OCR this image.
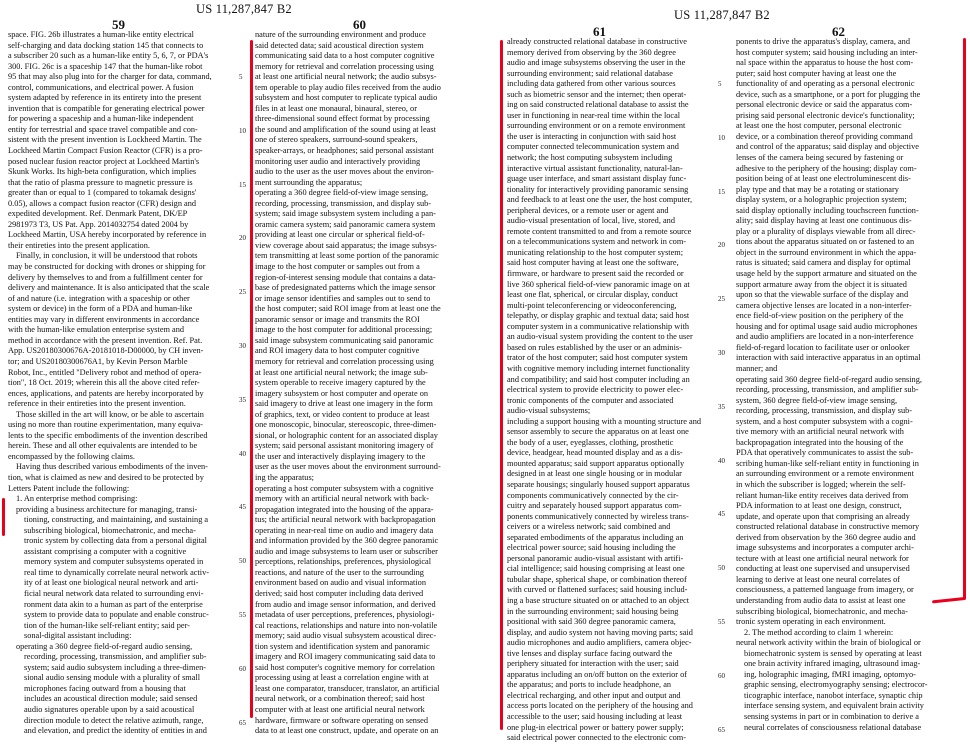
US 11,287,847 B2
59

space. FIG. 26b illustrates a human-like entity electrical

self-charging and data docking station 145 that connects to

a subscriber 20 such as a human-like entity 5, 6, 7, or PDA's

300. FIG. 26c is a spaceship 147 that the human-like robot

95 that may also plug into for the charger for data, command,

control, communications, and electrical power. A fusion

system adapted by reference in its entirety into the present

invention that is compatible for generating electrical power

for powering a spaceship and a human-like independent

entity for terrestrial and space travel compatible and con-

sistent with the present invention is Lockheed Martin. The

Lockheed Martin Compact Fusion Reactor (CFR) is a pro-

posed nuclear fusion reactor project at Lockheed Martin's

Skunk Works. Its high-beta configuration, which implies

that the ratio of plasma pressure to magnetic pressure is

greater than or equal to 1 (compared to tokamak designs'

0.05), allows a compact fusion reactor (CFR) design and

expedited development. Ref. Denmark Patent, DK/EP

2981973 T3, US Pat. App. 2014032754 dated 2004 by

Lockheed Martin, USA hereby incorporated by reference in

their entireties into the present application.

Finally, in conclusion, it will be understood that robots

may be constructed for docking with drones or shipping for

delivery by themselves to and from a fulfillment center for

delivery and maintenance. It is also anticipated that the scale

of and nature (i.e. integration with a spaceship or other

system or device) in the form of a PDA and human-like

entities may vary in different environments in accordance

with the human-like emulation enterprise system and

method in accordance with the present invention. Ref. Pat.

App. US20180300676A-20181018-D00000, by CH inven-

tor; and US20180300676A1, by Kevin Person Marble

Robot, Inc., entitled "Delivery robot and method of opera-

tion", 18 Oct. 2019; wherein this all the above cited refer-

ences, applications, and patents are hereby incorporated by

reference in their entireties into the present invention.

Those skilled in the art will know, or be able to ascertain

using no more than routine experimentation, many equiva-

lents to the specific embodiments of the invention described

herein. These and all other equivalents are intended to be

encompassed by the following claims.

Having thus described various embodiments of the inven-

tion, what is claimed as new and desired to be protected by

Letters Patent include the following:

1. An enterprise method comprising:

providing a business architecture for managing, transi-

tioning, constructing, and maintaining, and sustaining a

subscribing biological, biomechatronic, and mecha-

tronic system by collecting data from a personal digital

assistant comprising a computer with a cognitive

memory system and computer subsystems operated in

real time to dynamically correlate neural network activ-

ity of at least one biological neural network and arti-

ficial neural network data related to surrounding envi-

ronment data akin to a human as part of the enterprise

system to provide data to populate and enable construc-

tion of the human-like self-reliant entity; said per-

sonal-digital assistant including:

operating a 360 degree field-of-regard audio sensing,

recording, processing, transmission, and amplifier sub-

system; said audio subsystem including a three-dimen-

sional audio sensing module with a plurality of small

microphones facing outward from a housing that

includes an acoustical direction module; said sensed

audio signatures operable upon by a said acoustical

direction module to detect the relative azimuth, range,

and elevation, and predict the identity of entities in and

60

nature of the surrounding environment and produce

said detected data; said acoustical direction system

communicating said data to a host computer cognitive

memory for retrieval and correlation processing using

at least one artificial neural network; the audio subsys-

tem operable to play audio files received from the audio

subsystem and host computer to replicate typical audio

files in at least one monaural, binaural, stereo, or

three-dimensional sound effect format by processing

the sound and amplification of the sound using at least

one of stereo speakers, surround-sound speakers,

speaker-arrays, or headphones; said personal assistant

monitoring user audio and interactively providing

audio to the user as the user moves about the environ-

ment surrounding the apparatus;

operating a 360 degree field-of-view image sensing,

recording, processing, transmission, and display sub-

system; said image subsystem system including a pan-

oramic camera system; said panoramic camera system

providing at least one circular or spherical field-of-

view coverage about said apparatus; the image subsys-

tem transmitting at least some portion of the panoramic

image to the host computer or samples out from a

region-of-interest sensing module that contains a data-

base of predesignated patterns which the image sensor

or image sensor identifies and samples out to send to

the host computer; said ROI image from at least one the

panoramic sensor or image and transmits the ROI

image to the host computer for additional processing;

said image subsystem communicating said panoramic

and ROI imagery data to host computer cognitive

memory for retrieval and correlation processing using

at least one artificial neural network; the image sub-

system operable to receive imagery captured by the

imagery subsystem or host computer and operate on

said imagery to drive at least one imagery in the form

of graphics, text, or video content to produce at least

one monoscopic, binocular, stereoscopic, three-dimen-

sional, or holographic content for an associated display

system; said personal assistant monitoring imagery of

the user and interactively displaying imagery to the

user as the user moves about the environment surround-

ing the apparatus;

operating a host computer subsystem with a cognitive

memory with an artificial neural network with back-

propagation integrated into the housing of the appara-

tus; the artificial neural network with backpropagation

operating in near-real time on audio and imagery data

and information provided by the 360 degree panoramic

audio and image subsystems to learn user or subscriber

perceptions, relationships, preferences, physiological

reactions, and nature of the user to the surrounding

environment based on audio and visual information

derived; said host computer including data derived

from audio and image sensor information, and derived

metadata of user perceptions, preferences, physiologi-

cal reactions, relationships and nature into non-volatile

memory; said audio visual subsystem acoustical direc-

tion system and identification system and panoramic

imagery and ROI imagery communicating said data to

said host computer's cognitive memory for correlation

processing using at least a correlation engine with at

least one comparator, transducer, translator, an artificial

neural network, or a combination thereof; said host

computer with at least one artificial neural network

hardware, firmware or software operating on sensed

data to at least one construct, update, and operate on an

5
10
15
20
25
30
35
40
45
50
55
60
65
US 11,287,847 B2
61

already constructed relational database in constructive

memory derived from observing by the 360 degree

audio and image subsystems observing the user in the

surrounding environment; said relational database

including data gathered from other various sources

such as biometric sensor and the internet; then operat-

ing on said constructed relational database to assist the

user in functioning in near-real time within the local

surrounding environment or on a remote environment

the user is interacting in conjunction with said host

computer connected telecommunication system and

network; the host computing subsystem including

interactive virtual assistant functionality, natural-lan-

guage user interface, and smart assistant display func-

tionality for interactively providing panoramic sensing

and feedback to at least one the user, the host computer,

peripheral devices, or a remote user or agent and

audio-visual presentation of local, live, stored, and

remote content transmitted to and from a remote source

on a telecommunications system and network in com-

municating relationship to the host computer system;

said host computer having at least one the software,

firmware, or hardware to present said the recorded or

live 360 spherical field-of-view panoramic image on at

least one flat, spherical, or circular display, conduct

multi-point teleconferencing or videoconferencing,

telepathy, or display graphic and textual data; said host

computer system in a communicative relationship with

an audio-visual system providing the content to the user

based on rules established by the user or an adminis-

trator of the host computer; said host computer system

with cognitive memory including internet functionality

and compatibility; and said host computer including an

electrical system to provide electricity to power elec-

tronic components of the computer and associated

audio-visual subsystems;

including a support housing with a mounting structure and

sensor assembly to secure the apparatus on at least one

the body of a user, eyeglasses, clothing, prosthetic

device, headgear, head mounted display and as a dis-

mounted apparatus; said support apparatus optionally

designed in at least one single housing or in modular

separate housings; singularly housed support apparatus

components communicatively connected by the cir-

cuitry and separately housed support apparatus com-

ponents communicatively connected by wireless trans-

ceivers or a wireless network; said combined and

separated embodiments of the apparatus including an

electrical power source; said housing including the

personal panoramic audio-visual assistant with artifi-

cial intelligence; said housing comprising at least one

tubular shape, spherical shape, or combination thereof

with curved or flattened surfaces; said housing includ-

ing a base structure situated on or attached to an object

in the surrounding environment; said housing being

positional with said 360 degree panoramic camera,

display, and audio system not having moving parts; said

audio microphones and audio amplifiers, camera objec-

tive lenses and display surface facing outward the

periphery situated for interaction with the user; said

apparatus including an on/off button on the exterior of

the apparatus; and ports to include headphone, an

electrical recharging, and other input and output and

access ports located on the periphery of the housing and

accessible to the user; said housing including at least

one plug-in electrical power or battery power supply;

said electrical power connected to the electronic com-

62

ponents to drive the apparatus's display, camera, and

host computer system; said housing including an inter-

nal space within the apparatus to house the host com-

puter; said host computer having at least one the

functionality of and operating as a personal electronic

device, such as a smartphone, or a port for plugging the

personal electronic device or said the apparatus com-

prising said personal electronic device's functionality;

at least one the host computer, personal electronic

device, or a combination thereof providing command

and control of the apparatus; said display and objective

lenses of the camera being secured by fastening or

adhesive to the periphery of the housing; display com-

position being of at least one electroluminescent dis-

play type and that may be a rotating or stationary

display system, or a holographic projection system;

said display optionally including touchscreen function-

ality; said display having at least one continuous dis-

play or a plurality of displays viewable from all direc-

tions about the apparatus situated on or fastened to an

object in the surround environment in which the appa-

ratus is situated; said camera and display for optimal

usage held by the support armature and situated on the

support armature away from the object it is situated

upon so that the viewable surface of the display and

camera objective lenses are located in a non-interfer-

ence field-of-view position on the periphery of the

housing and for optimal usage said audio microphones

and audio amplifiers are located in a non-interference

field-of-regard location to facilitate user or onlooker

interaction with said interactive apparatus in an optimal

manner; and

operating said 360 degree field-of-regard audio sensing,

recording, processing, transmission, and amplifier sub-

system, 360 degree field-of-view image sensing,

recording, processing, transmission, and display sub-

system, and a host computer subsystem with a cogni-

tive memory with an artificial neural network with

backpropagation integrated into the housing of the

PDA that operatively communicates to assist the sub-

scribing human-like self-reliant entity in functioning in

an surrounding environment or a remote environment

in which the subscriber is logged; wherein the self-

reliant human-like entity receives data derived from

PDA information to at least one design, construct,

update, and operate upon that comprising an already

constructed relational database in constructive memory

derived from observation by the 360 degree audio and

image subsystems and incorporates a computer archi-

tecture with at least one artificial neural network for

conducting at least one supervised and unsupervised

learning to derive at least one neural correlates of

consciousness, a patterned language from imagery, or

understanding from audio data to assist at least one

subscribing biological, biomechatronic, and mecha-

tronic system operating in each environment.

2. The method according to claim 1 wherein:

neural network activity within the brain of biological or

biomechatronic system is sensed by operating at least

one brain activity infrared imaging, ultrasound imag-

ing, holographic imaging, fMRI imaging, optomyo-

graphic sensing, electromyography sensing; electrocor-

ticographic interface, nanobot interface, synaptic chip

interface sensing system, and equivalent brain activity

sensing systems in part or in combination to derive a

neural correlates of consciousness relational database

5
10
15
20
25
30
35
40
45
50
55
60
65
